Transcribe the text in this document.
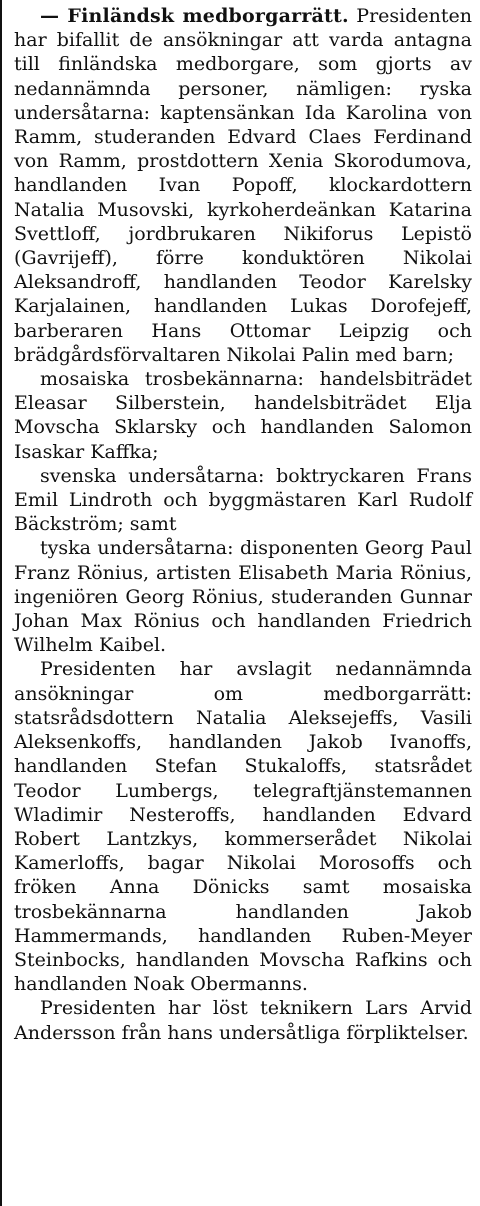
— Finländsk medborgarrätt. Presidenten har bifallit de ansökningar att varda antagna till finländska medborgare, som gjorts av nedannämnda personer, nämligen: ryska undersåtarna: kaptensänkan Ida Karolina von Ramm, studeranden Edvard Claes Ferdinand von Ramm, prostdottern Xenia Skorodumova, handlanden Ivan Popoff, klockardottern Natalia Musovski, kyrkoherdeänkan Katarina Svettloff, jordbrukaren Nikiforus Lepistö (Gavrijeff), förre konduktören Nikolai Aleksandroff, handlanden Teodor Karelsky Karjalainen, handlanden Lukas Dorofejeff, barberaren Hans Ottomar Leipzig och brädgårdsförvaltaren Nikolai Palin med barn;

mosaiska trosbekännarna: handelsbiträdet Eleasar Silberstein, handelsbiträdet Elja Movscha Sklarsky och handlanden Salomon Isaskar Kaffka;

svenska undersåtarna: boktryckaren Frans Emil Lindroth och byggmästaren Karl Rudolf Bäckström; samt

tyska undersåtarna: disponenten Georg Paul Franz Rönius, artisten Elisabeth Maria Rönius, ingeniören Georg Rönius, studeranden Gunnar Johan Max Rönius och handlanden Friedrich Wilhelm Kaibel.

Presidenten har avslagit nedannämnda ansökningar om medborgarrätt: statsrådsdottern Natalia Aleksejeffs, Vasili Aleksenkoffs, handlanden Jakob Ivanoffs, handlanden Stefan Stukaloffs, statsrådet Teodor Lumbergs, telegraftjänstemannen Wladimir Nesteroffs, handlanden Edvard Robert Lantzkys, kommerserådet Nikolai Kamerloffs, bagar Nikolai Morosoffs och fröken Anna Dönicks samt mosaiska trosbekännarna handlanden Jakob Hammermands, handlanden Ruben-Meyer Steinbocks, handlanden Movscha Rafkins och handlanden Noak Obermanns.

Presidenten har löst teknikern Lars Arvid Andersson från hans undersåtliga förpliktelser.
